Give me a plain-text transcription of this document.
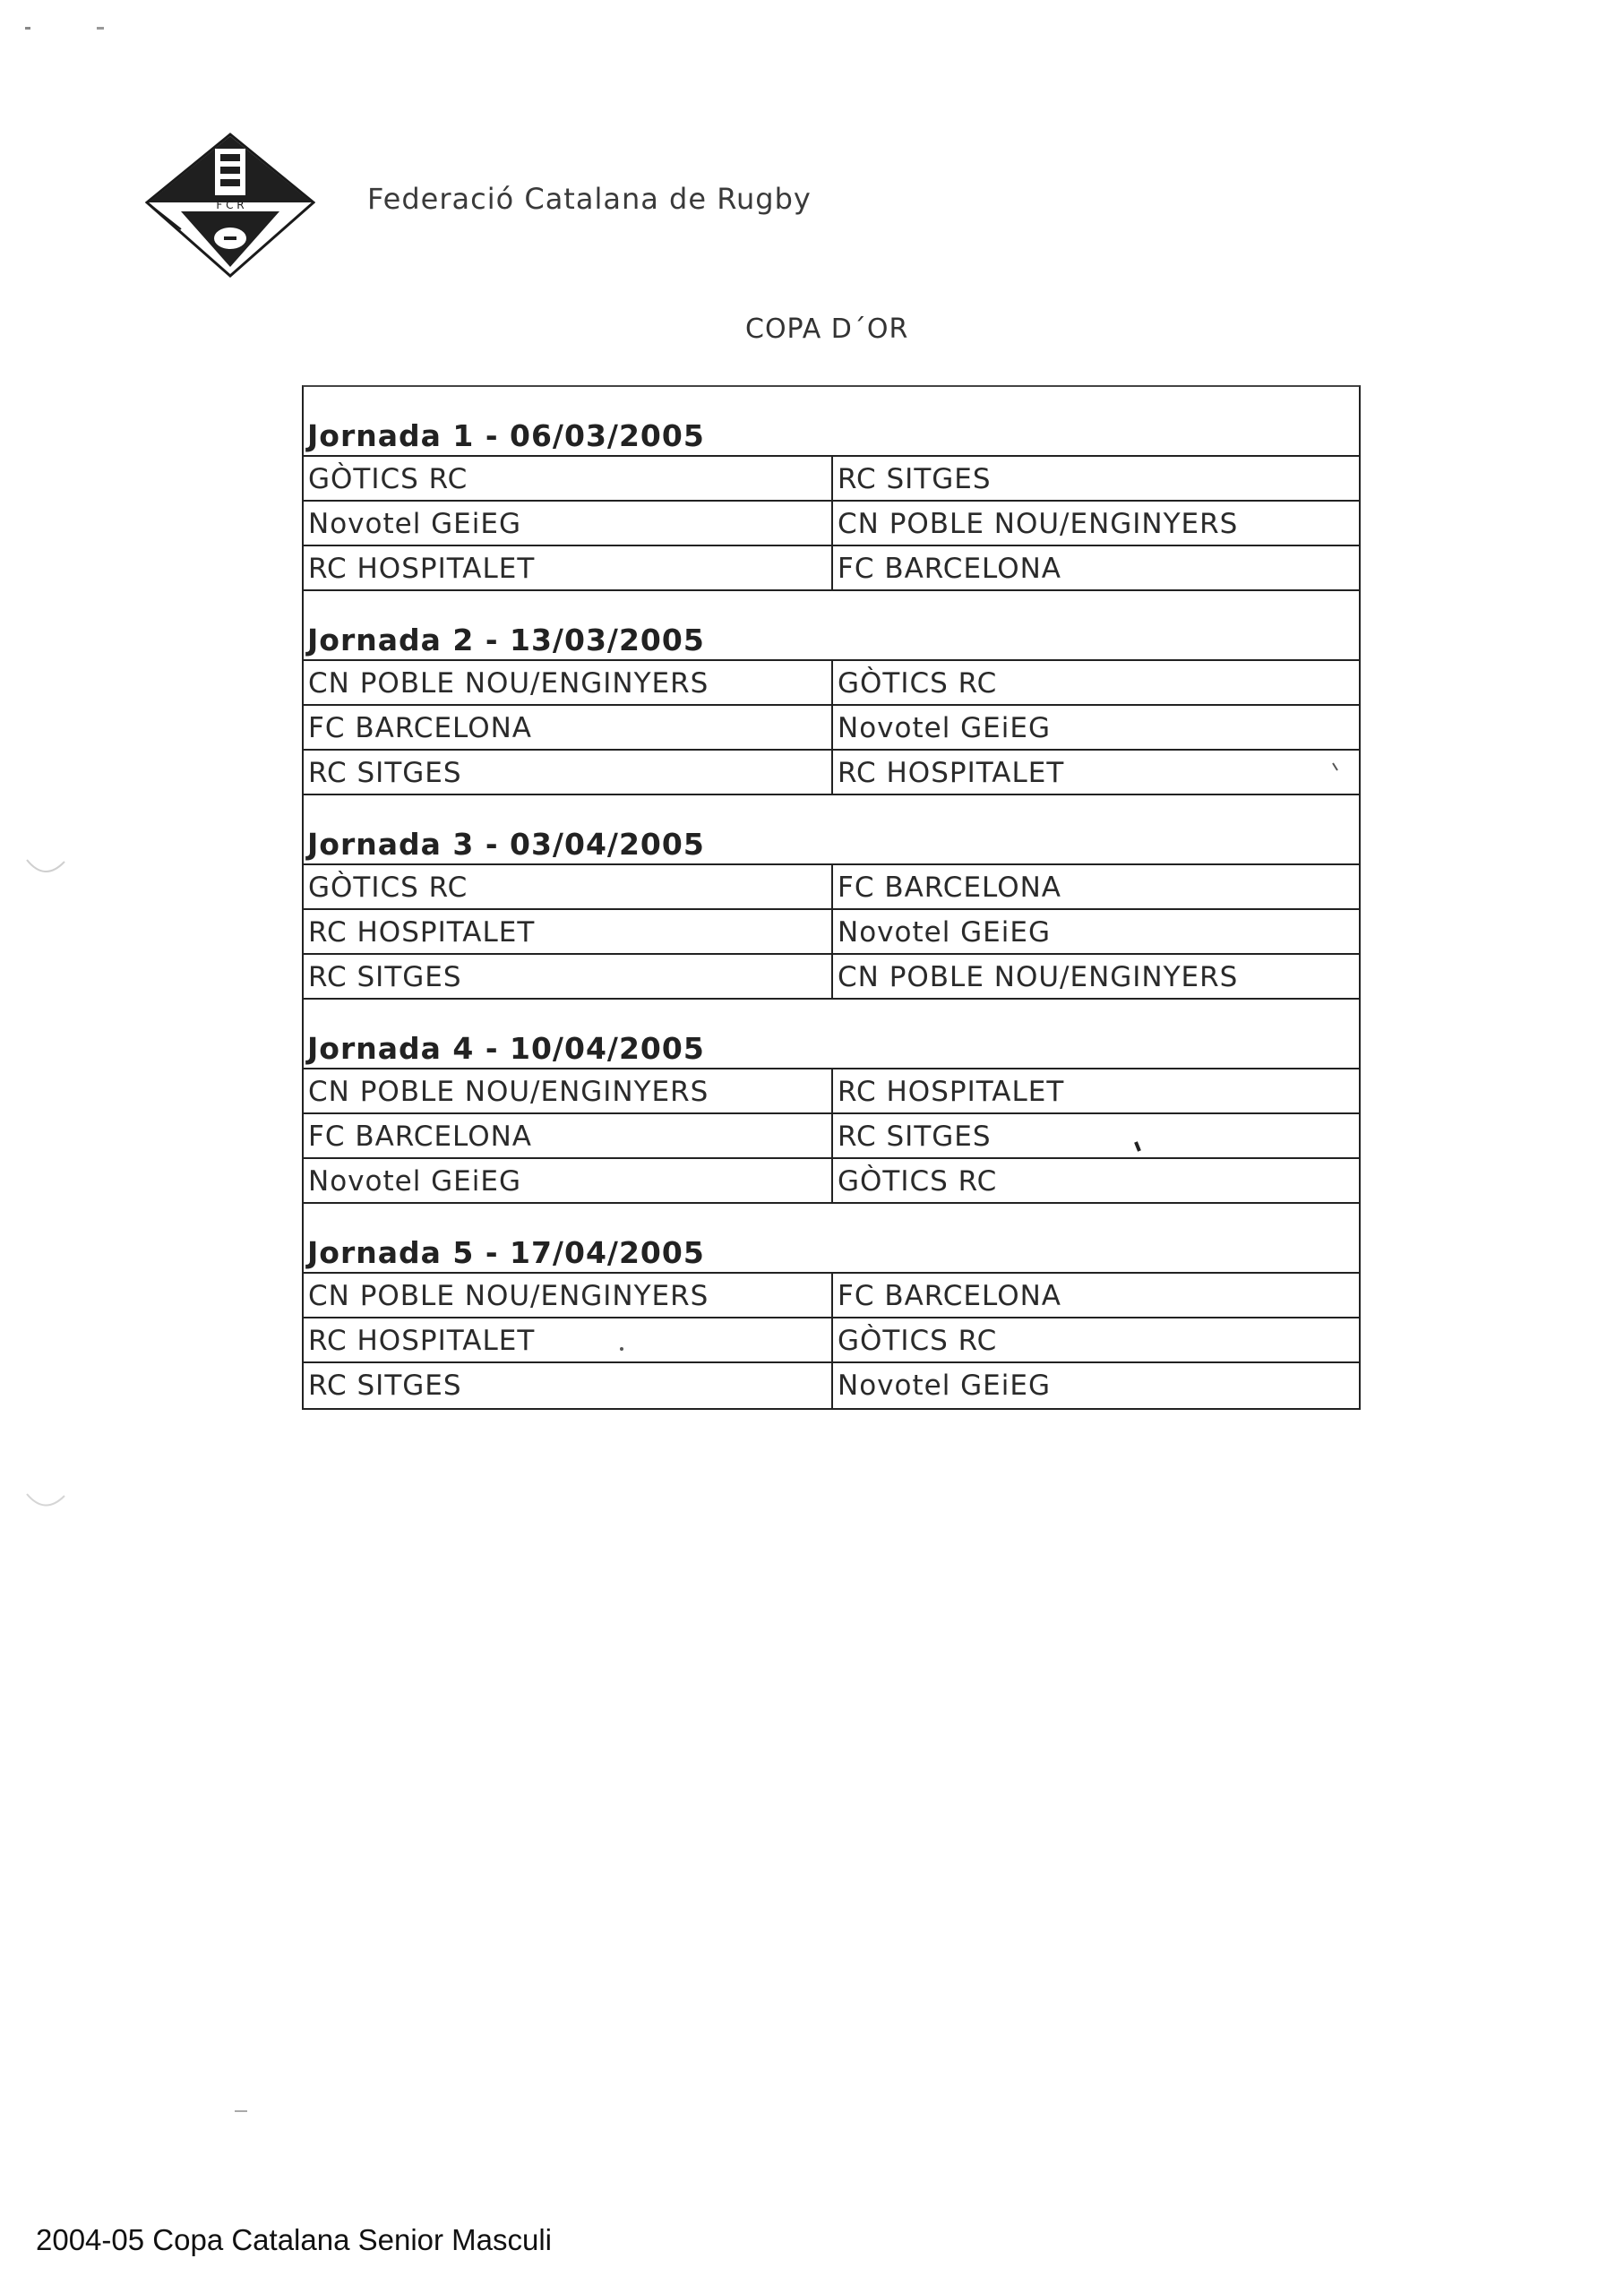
F C R	Federació Catalana de Rugby
COPA D´OR
Jornada 1 - 06/03/2005
GÒTICS RC	RC SITGES
Novotel GEiEG	CN POBLE NOU/ENGINYERS
RC HOSPITALET	FC BARCELONA
Jornada 2 - 13/03/2005
CN POBLE NOU/ENGINYERS	GÒTICS RC
FC BARCELONA	Novotel GEiEG
RC SITGES	RC HOSPITALET
Jornada 3 - 03/04/2005
GÒTICS RC	FC BARCELONA
RC HOSPITALET	Novotel GEiEG
RC SITGES	CN POBLE NOU/ENGINYERS
Jornada 4 - 10/04/2005
CN POBLE NOU/ENGINYERS	RC HOSPITALET
FC BARCELONA	RC SITGES
Novotel GEiEG	GÒTICS RC
Jornada 5 - 17/04/2005
CN POBLE NOU/ENGINYERS	FC BARCELONA
RC HOSPITALET	GÒTICS RC
RC SITGES	Novotel GEiEG
2004-05 Copa Catalana Senior Masculi
